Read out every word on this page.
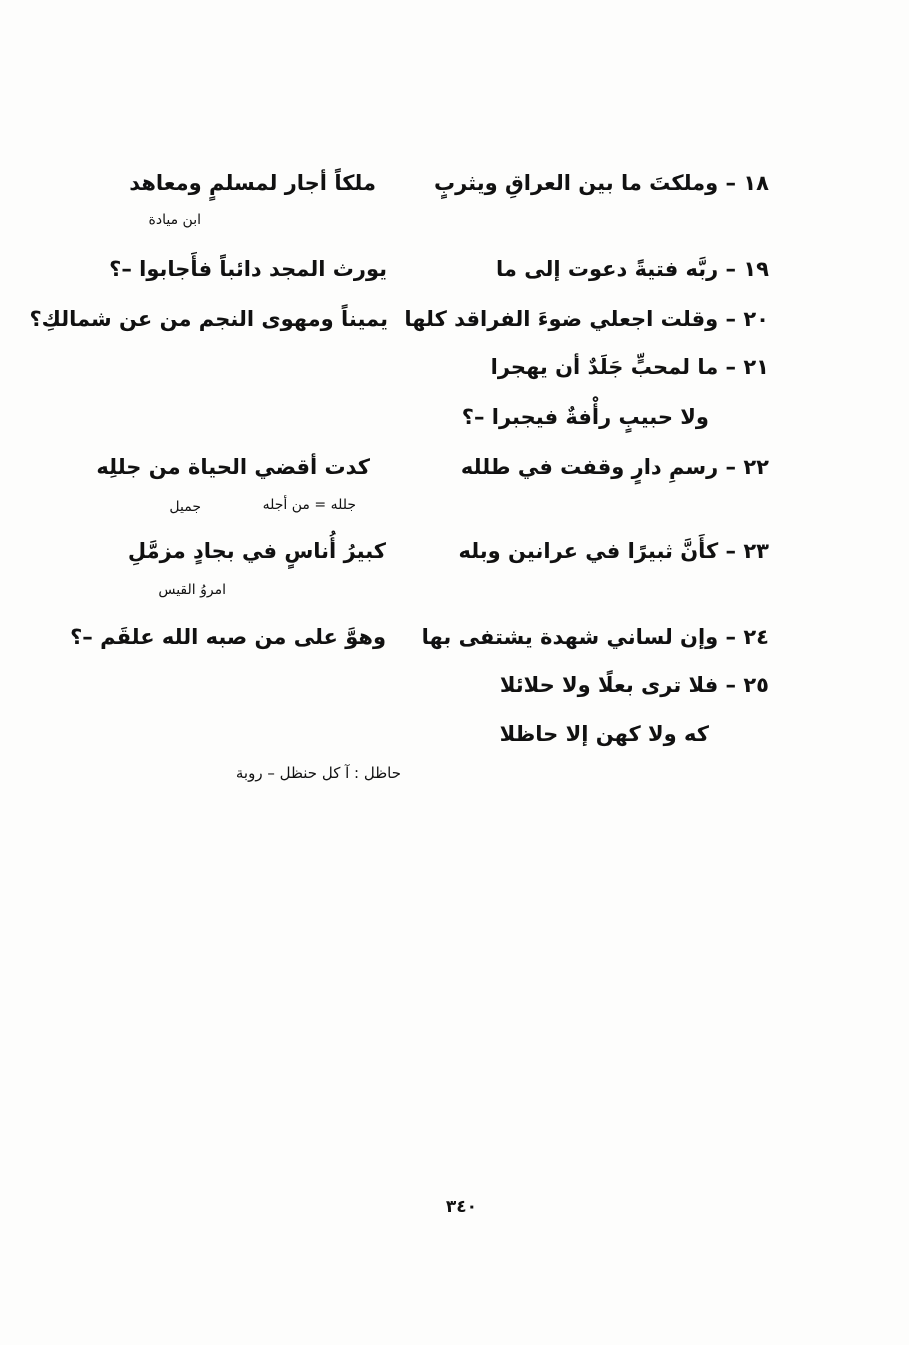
١٨ – وملكتَ ما بين العراقِ ويثربٍ
ملكاً أجار لمسلمٍ ومعاهد
ابن ميادة
١٩ – ربَّه فتيةً دعوت إلى ما
يورث المجد دائباً فأَجابوا –؟
٢٠ – وقلت اجعلي ضوءَ الفراقد كلها
يميناً ومهوى النجم من عن شمالكِ؟
٢١ – ما لمحبٍّ جَلَدٌ أن يهجرا
ولا حبيبٍ رأْفةٌ فيجبرا –؟
٢٢ – رسمِ دارٍ وقفت في طلله
كدت أقضي الحياة من جللِه
جلله = من أجله
جميل
٢٣ – كأَنَّ ثبيرًا في عرانين وبله
كبيرُ أُناسٍ في بجادٍ مزمَّلِ
امروُ القيس
٢٤ – وإن لساني شهدة يشتفى بها
وهوَّ على من صبه الله علقَم –؟
٢٥ – فلا ترى بعلًا ولا حلائلا
كه ولا كهن إلا حاظلا
حاظل : آ كل حنظل – روبة
٣٤٠
